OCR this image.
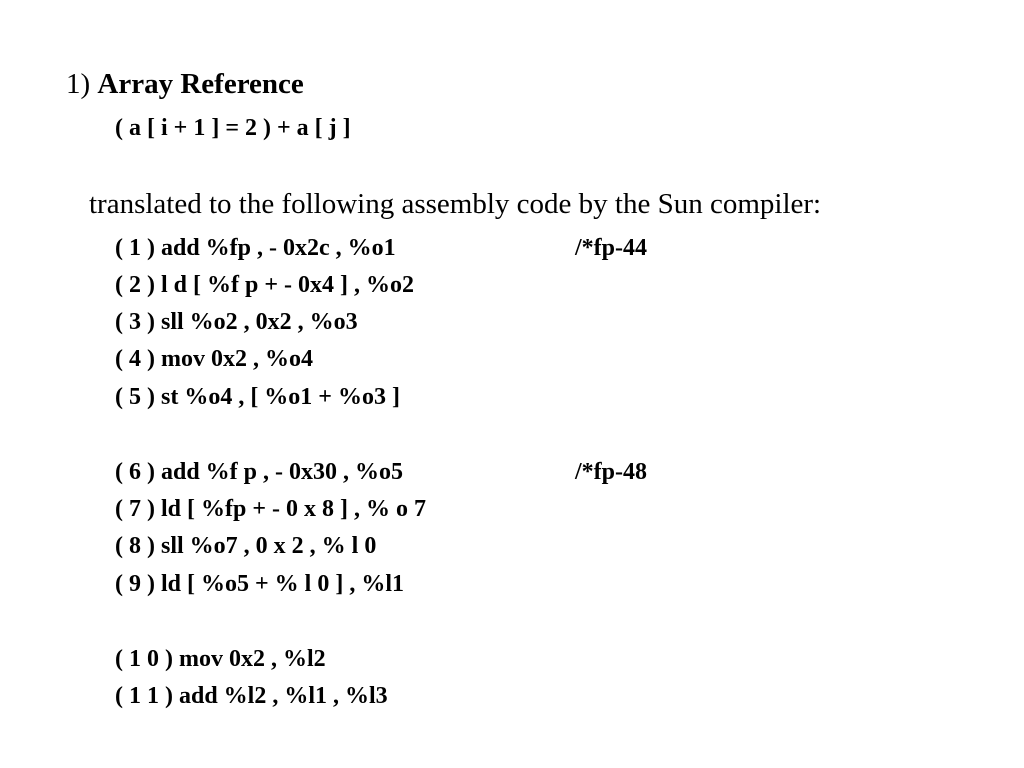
1) Array Reference
( a [ i + 1 ] = 2 ) + a [ j ]
translated to the following assembly code by the Sun compiler:
( 1 ) add %fp , - 0x2c , %o1	/*fp-44
( 2 ) l d [ %f p + - 0x4 ] , %o2
( 3 ) sll %o2 , 0x2 , %o3
( 4 ) mov 0x2 , %o4
( 5 ) st %o4 , [ %o1 + %o3 ]
( 6 ) add %f p , - 0x30 , %o5	/*fp-48
( 7 ) ld [ %fp + - 0 x 8 ] , % o 7
( 8 ) sll %o7 , 0 x 2 , % l 0
( 9 ) ld [ %o5 + % l 0 ] , %l1
( 1 0 ) mov 0x2 , %l2
( 1 1 ) add %l2 , %l1 , %l3
